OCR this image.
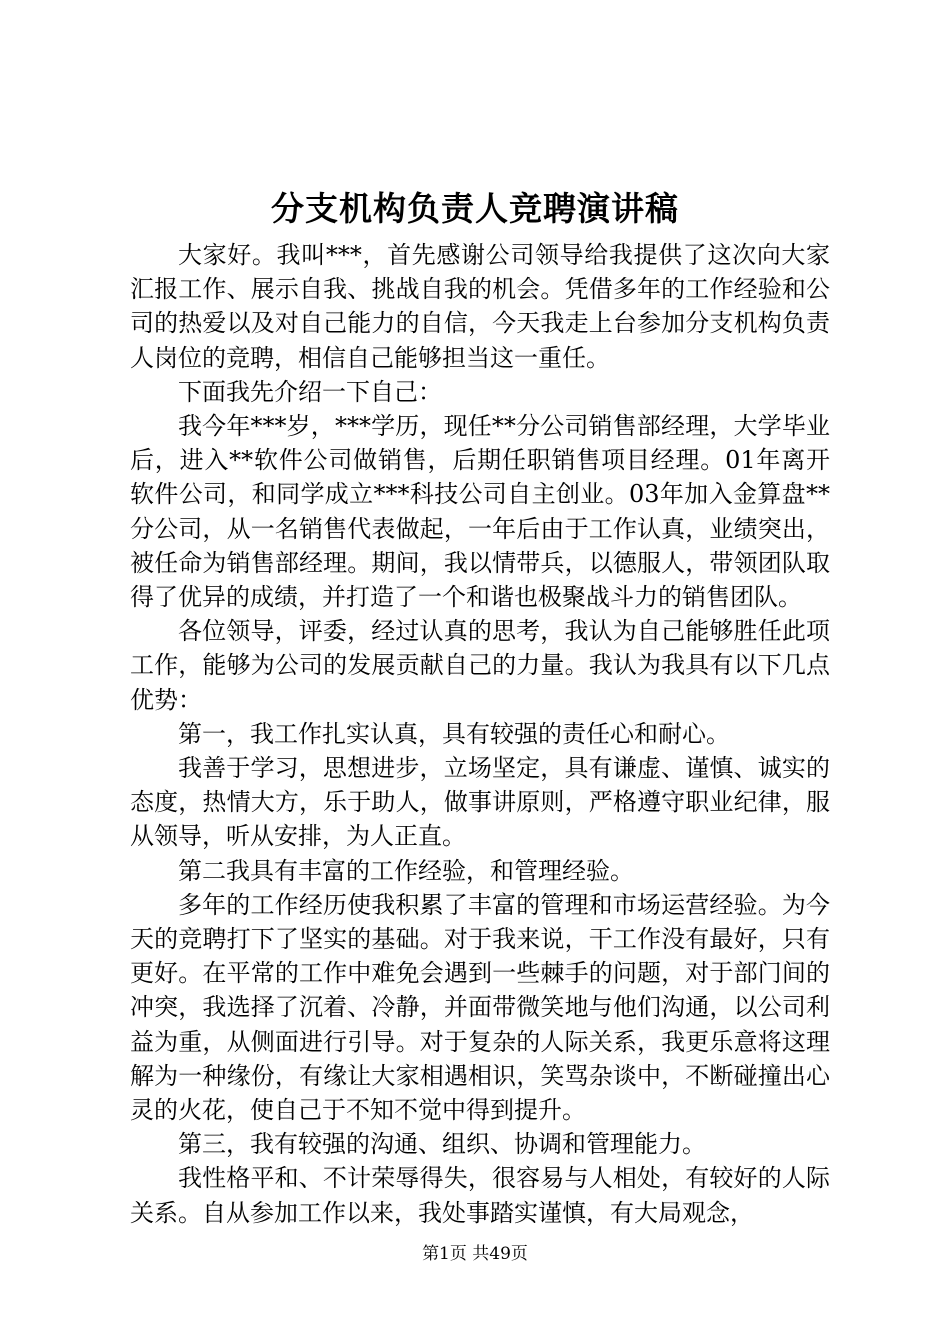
分支机构负责人竞聘演讲稿

大家好。我叫***，首先感谢公司领导给我提供了这次向大家汇报工作、展示自我、挑战自我的机会。凭借多年的工作经验和公司的热爱以及对自己能力的自信，今天我走上台参加分支机构负责人岗位的竞聘，相信自己能够担当这一重任。

下面我先介绍一下自己：

我今年***岁，***学历，现任**分公司销售部经理，大学毕业后，进入**软件公司做销售，后期任职销售项目经理。01年离开软件公司，和同学成立***科技公司自主创业。03年加入金算盘**分公司，从一名销售代表做起，一年后由于工作认真，业绩突出，被任命为销售部经理。期间，我以情带兵，以德服人，带领团队取得了优异的成绩，并打造了一个和谐也极聚战斗力的销售团队。

各位领导，评委，经过认真的思考，我认为自己能够胜任此项工作，能够为公司的发展贡献自己的力量。我认为我具有以下几点优势：

第一，我工作扎实认真，具有较强的责任心和耐心。

我善于学习，思想进步，立场坚定，具有谦虚、谨慎、诚实的态度，热情大方，乐于助人，做事讲原则，严格遵守职业纪律，服从领导，听从安排，为人正直。

第二我具有丰富的工作经验，和管理经验。

多年的工作经历使我积累了丰富的管理和市场运营经验。为今天的竞聘打下了坚实的基础。对于我来说，干工作没有最好，只有更好。在平常的工作中难免会遇到一些棘手的问题，对于部门间的冲突，我选择了沉着、冷静，并面带微笑地与他们沟通，以公司利益为重，从侧面进行引导。对于复杂的人际关系，我更乐意将这理解为一种缘份，有缘让大家相遇相识，笑骂杂谈中，不断碰撞出心灵的火花，使自己于不知不觉中得到提升。

第三，我有较强的沟通、组织、协调和管理能力。

我性格平和、不计荣辱得失，很容易与人相处，有较好的人际关系。自从参加工作以来，我处事踏实谨慎，有大局观念，

第1页 共49页
